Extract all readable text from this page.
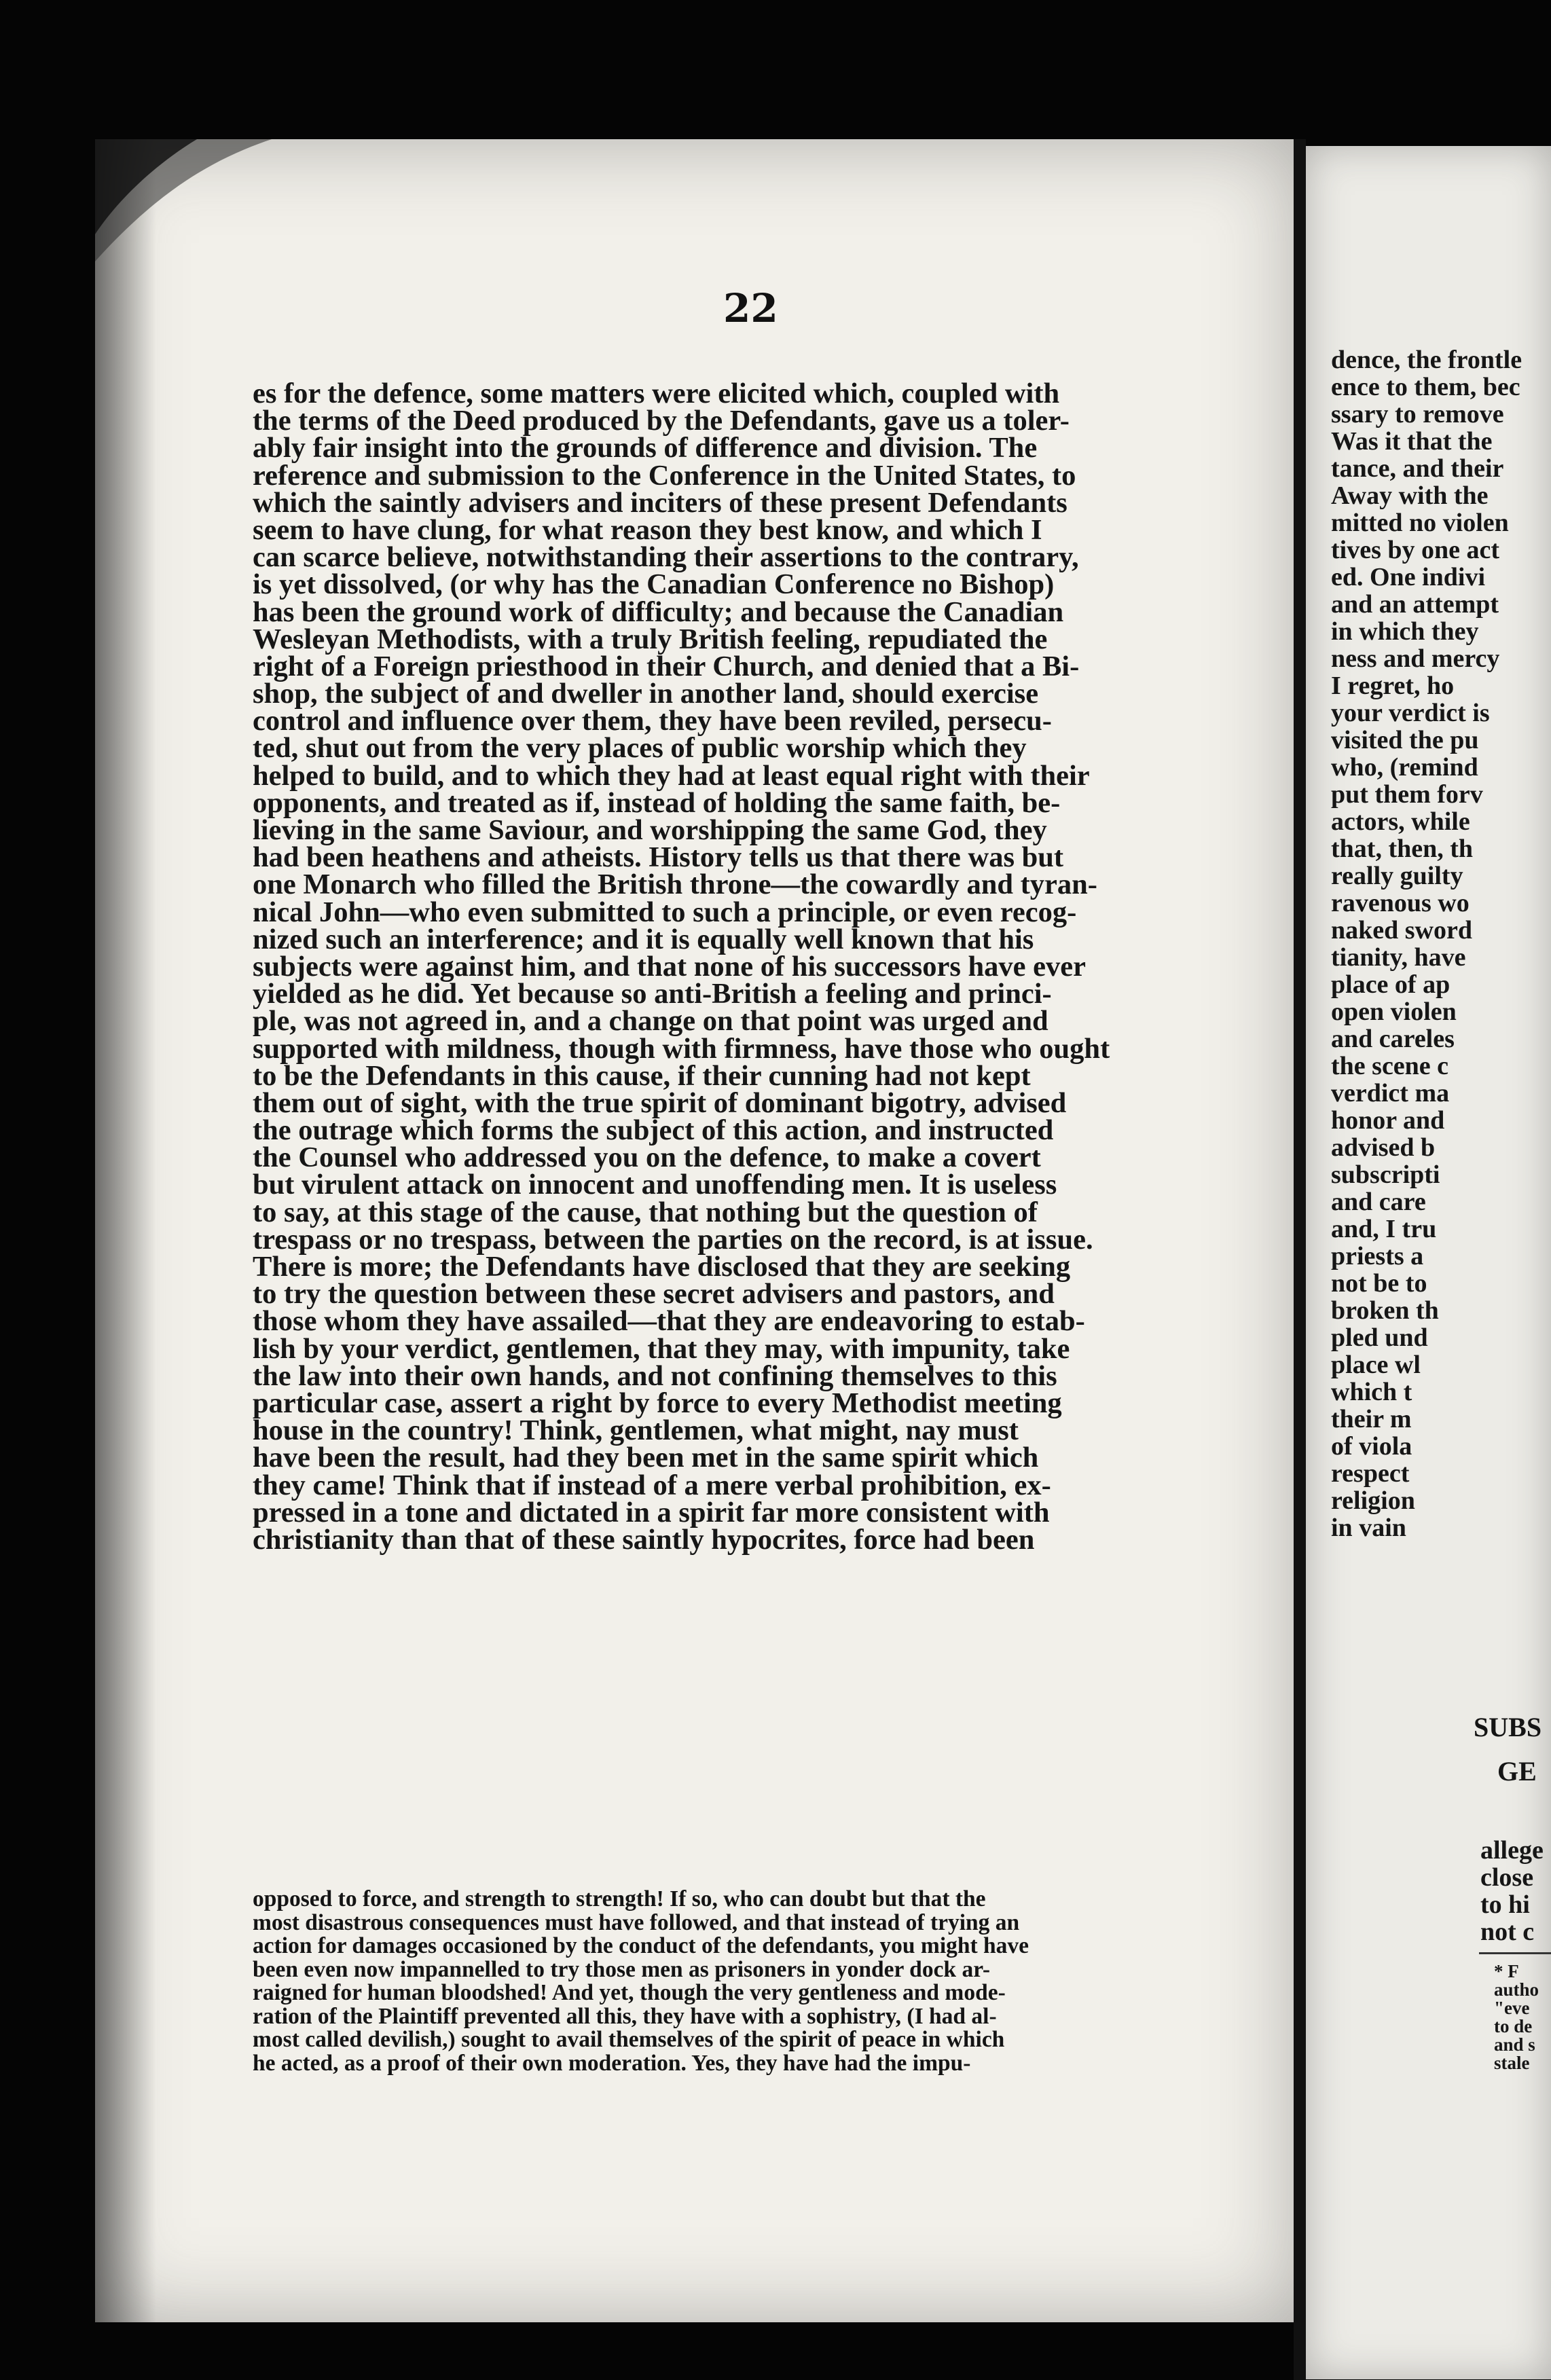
22
es for the defence, some matters were elicited which, coupled with
the terms of the Deed produced by the Defendants, gave us a toler-
ably fair insight into the grounds of difference and division. The
reference and submission to the Conference in the United States, to
which the saintly advisers and inciters of these present Defendants
seem to have clung, for what reason they best know, and which I
can scarce believe, notwithstanding their assertions to the contrary,
is yet dissolved, (or why has the Canadian Conference no Bishop)
has been the ground work of difficulty; and because the Canadian
Wesleyan Methodists, with a truly British feeling, repudiated the
right of a Foreign priesthood in their Church, and denied that a Bi-
shop, the subject of and dweller in another land, should exercise
control and influence over them, they have been reviled, persecu-
ted, shut out from the very places of public worship which they
helped to build, and to which they had at least equal right with their
opponents, and treated as if, instead of holding the same faith, be-
lieving in the same Saviour, and worshipping the same God, they
had been heathens and atheists. History tells us that there was but
one Monarch who filled the British throne—the cowardly and tyran-
nical John—who even submitted to such a principle, or even recog-
nized such an interference; and it is equally well known that his
subjects were against him, and that none of his successors have ever
yielded as he did. Yet because so anti-British a feeling and princi-
ple, was not agreed in, and a change on that point was urged and
supported with mildness, though with firmness, have those who ought
to be the Defendants in this cause, if their cunning had not kept
them out of sight, with the true spirit of dominant bigotry, advised
the outrage which forms the subject of this action, and instructed
the Counsel who addressed you on the defence, to make a covert
but virulent attack on innocent and unoffending men. It is useless
to say, at this stage of the cause, that nothing but the question of
trespass or no trespass, between the parties on the record, is at issue.
There is more; the Defendants have disclosed that they are seeking
to try the question between these secret advisers and pastors, and
those whom they have assailed—that they are endeavoring to estab-
lish by your verdict, gentlemen, that they may, with impunity, take
the law into their own hands, and not confining themselves to this
particular case, assert a right by force to every Methodist meeting
house in the country! Think, gentlemen, what might, nay must
have been the result, had they been met in the same spirit which
they came! Think that if instead of a mere verbal prohibition, ex-
pressed in a tone and dictated in a spirit far more consistent with
christianity than that of these saintly hypocrites, force had been
opposed to force, and strength to strength! If so, who can doubt but that the
most disastrous consequences must have followed, and that instead of trying an
action for damages occasioned by the conduct of the defendants, you might have
been even now impannelled to try those men as prisoners in yonder dock ar-
raigned for human bloodshed! And yet, though the very gentleness and mode-
ration of the Plaintiff prevented all this, they have with a sophistry, (I had al-
most called devilish,) sought to avail themselves of the spirit of peace in which
he acted, as a proof of their own moderation. Yes, they have had the impu-
dence, the frontle
ence to them, bec
ssary to remove
Was it that the
tance, and their
Away with the
mitted no violen
tives by one act
ed. One indivi
and an attempt
in which they
ness and mercy
I regret, ho
your verdict is
visited the pu
who, (remind
put them forv
actors, while
that, then, th
really guilty
ravenous wo
naked sword
tianity, have
place of ap
open violen
and careles
the scene c
verdict ma
honor and
advised b
subscripti
and care
and, I tru
priests a
not be to
broken th
pled und
place wl
which t
their m
of viola
respect
religion
in vain
SUBS
GE
allege
close
to hi
not c
* F
autho
"eve
to de
and s
stale
